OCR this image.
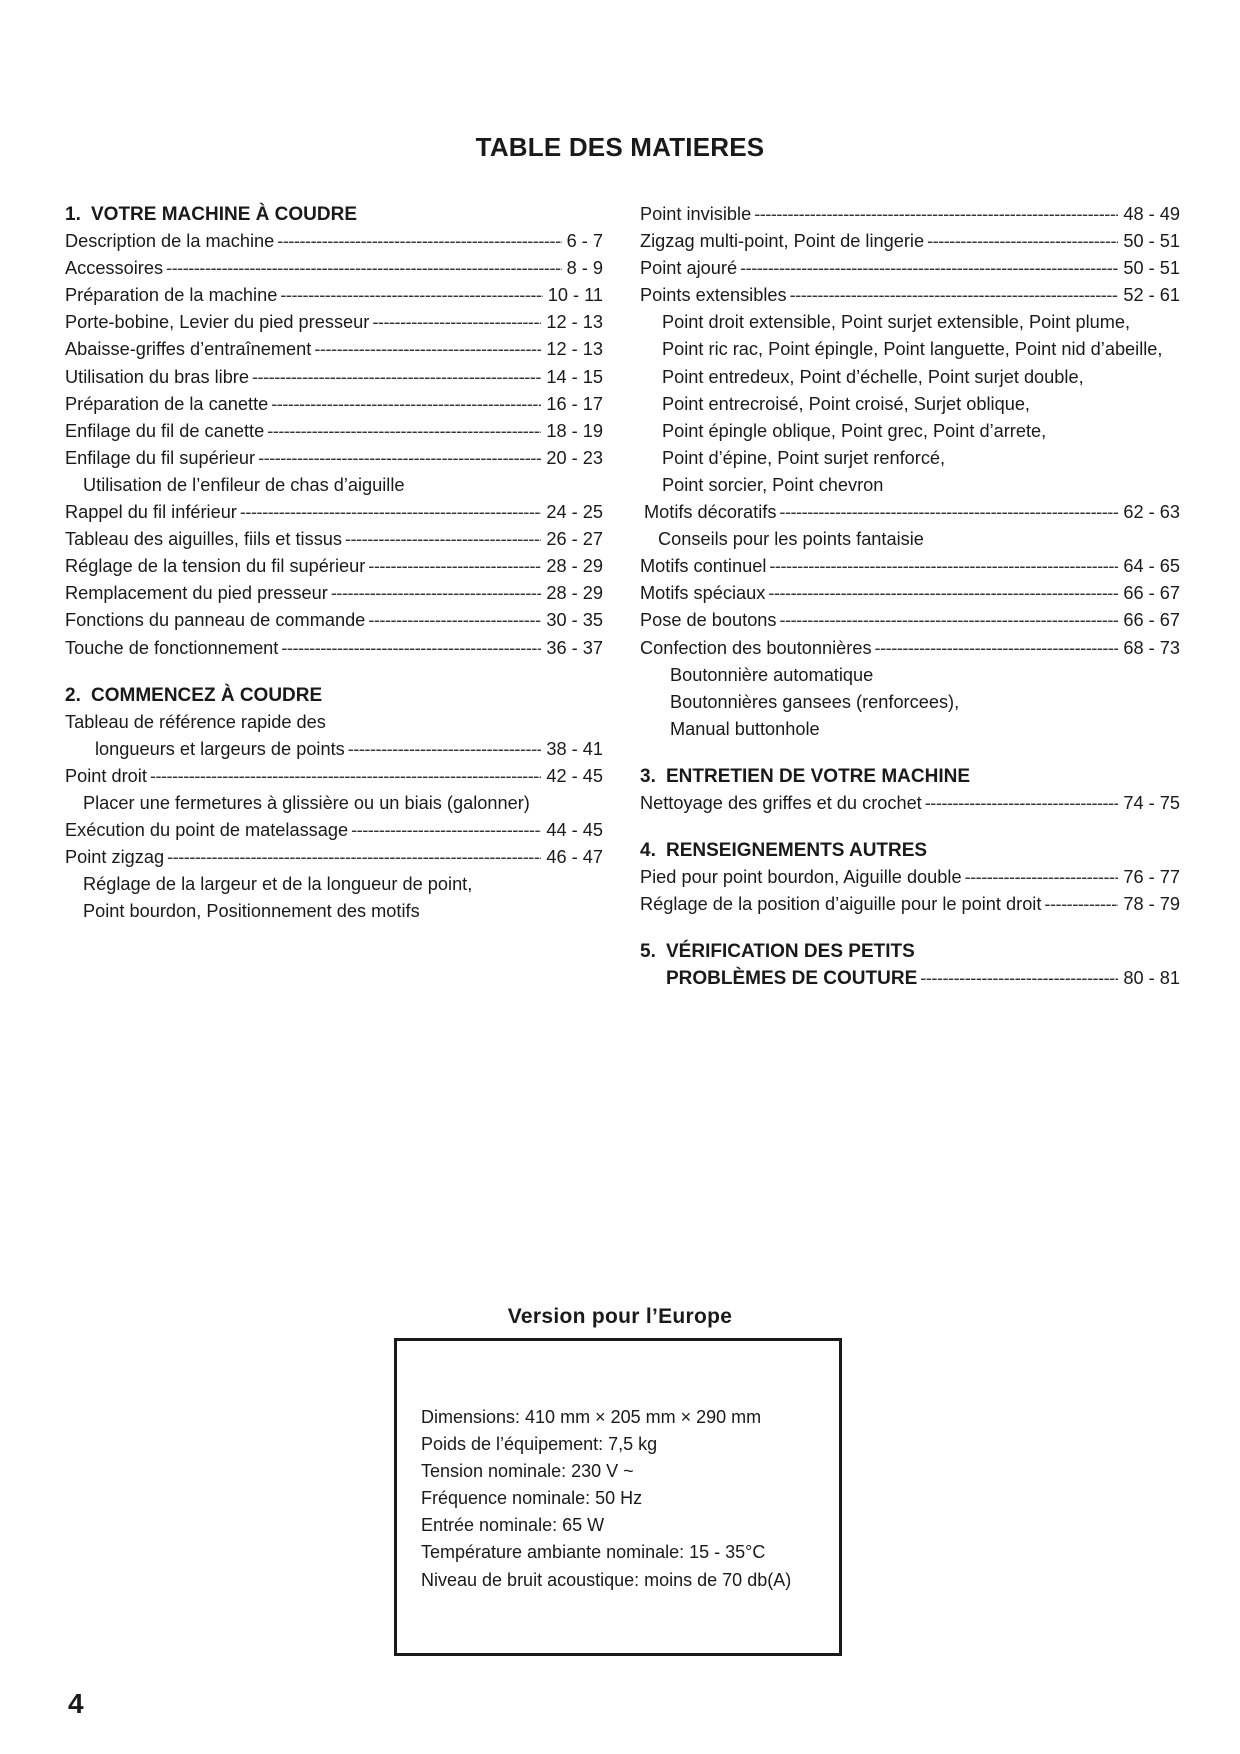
TABLE DES MATIERES
1. VOTRE MACHINE À COUDRE
Description de la machine -----	6 - 7
Accessoires -----	8 - 9
Préparation de la machine -----	10 - 11
Porte-bobine, Levier du pied presseur -----	12 - 13
Abaisse-griffes d’entraînement -----	12 - 13
Utilisation du bras libre -----	14 - 15
Préparation de la canette -----	16 - 17
Enfilage du fil de canette -----	18 - 19
Enfilage du fil supérieur -----	20 - 23
Utilisation de l’enfileur de chas d’aiguille
Rappel du fil inférieur -----	24 - 25
Tableau des aiguilles, fiils et tissus -----	26 - 27
Réglage de la tension du fil supérieur -----	28 - 29
Remplacement du pied presseur -----	28 - 29
Fonctions du panneau de commande -----	30 - 35
Touche de fonctionnement -----	36 - 37
2. COMMENCEZ À COUDRE
Tableau de référence rapide des
longueurs et largeurs de points -----	38 - 41
Point droit -----	42 - 45
Placer une fermetures à glissière ou un biais (galonner)
Exécution du point de matelassage -----	44 - 45
Point zigzag -----	46 - 47
Réglage de la largeur et de la longueur de point,
Point bourdon, Positionnement des motifs
Point invisible -----	48 - 49
Zigzag multi-point, Point de lingerie -----	50 - 51
Point ajouré -----	50 - 51
Points extensibles -----	52 - 61
Point droit extensible, Point surjet extensible, Point plume,
Point ric rac, Point épingle, Point languette, Point nid d’abeille,
Point entredeux, Point d’échelle, Point surjet double,
Point entrecroisé, Point croisé, Surjet oblique,
Point épingle oblique, Point grec, Point d’arrete,
Point d’épine, Point surjet renforcé,
Point sorcier, Point chevron
Motifs décoratifs -----	62 - 63
Conseils pour les points fantaisie
Motifs continuel -----	64 - 65
Motifs spéciaux -----	66 - 67
Pose de boutons -----	66 - 67
Confection des boutonnières -----	68 - 73
Boutonnière automatique
Boutonnières gansees (renforcees),
Manual buttonhole
3. ENTRETIEN DE VOTRE MACHINE
Nettoyage des griffes et du crochet -----	74 - 75
4. RENSEIGNEMENTS AUTRES
Pied pour point bourdon, Aiguille double -----	76 - 77
Réglage de la position d’aiguille pour le point droit -----	78 - 79
5. VÉRIFICATION DES PETITS
PROBLÈMES DE COUTURE -----	80 - 81
Version pour l’Europe
Dimensions: 410 mm × 205 mm × 290 mm
Poids de l’équipement: 7,5 kg
Tension nominale: 230 V ~
Fréquence nominale: 50 Hz
Entrée nominale: 65 W
Température ambiante nominale: 15 - 35°C
Niveau de bruit acoustique: moins de 70 db(A)
4
